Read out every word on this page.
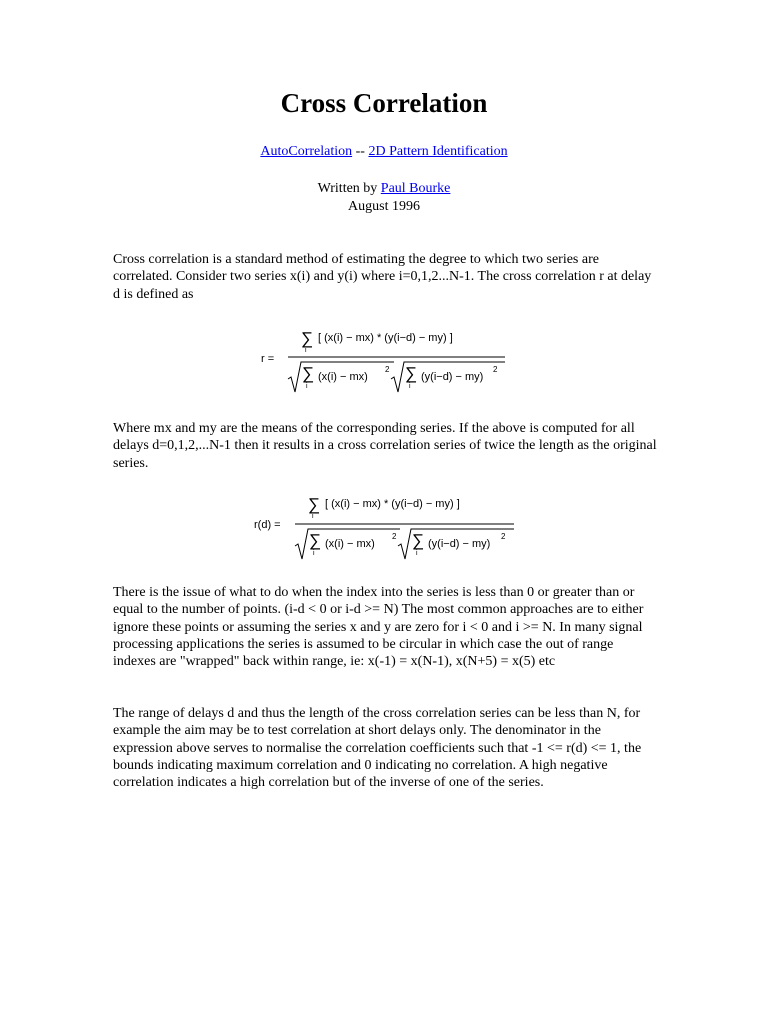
Cross Correlation
AutoCorrelation -- 2D Pattern Identification
Written by Paul Bourke
August 1996

Cross correlation is a standard method of estimating the degree to which two series are correlated. Consider two series x(i) and y(i) where i=0,1,2...N-1. The cross correlation r at delay d is defined as

r =
∑
i
[ (x(i) − mx) * (y(i−d) − my) ]
∑
i
(x(i) − mx)
2 ∑
i
(y(i−d) − my)
2

Where mx and my are the means of the corresponding series. If the above is computed for all delays d=0,1,2,...N-1 then it results in a cross correlation series of twice the length as the original series.

r(d) =
∑
i
[ (x(i) − mx) * (y(i−d) − my) ]
∑
i
(x(i) − mx)
2 ∑
i
(y(i−d) − my)
2

There is the issue of what to do when the index into the series is less than 0 or greater than or equal to the number of points. (i-d < 0 or i-d >= N) The most common approaches are to either ignore these points or assuming the series x and y are zero for i < 0 and i >= N. In many signal processing applications the series is assumed to be circular in which case the out of range indexes are "wrapped" back within range, ie: x(-1) = x(N-1), x(N+5) = x(5) etc

The range of delays d and thus the length of the cross correlation series can be less than N, for example the aim may be to test correlation at short delays only. The denominator in the expression above serves to normalise the correlation coefficients such that -1 <= r(d) <= 1, the bounds indicating maximum correlation and 0 indicating no correlation. A high negative correlation indicates a high correlation but of the inverse of one of the series.
